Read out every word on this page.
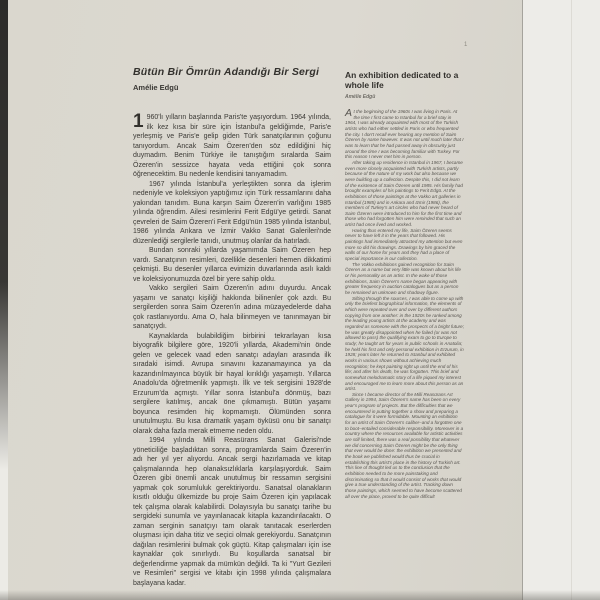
1
Bütün Bir Ömrün Adandığı Bir Sergi
Amélie Edgü

1 960'lı yılların başlarında Paris'te yaşıyordum. 1964 yılında, ilk kez kısa bir süre için İstanbul'a geldiğimde, Paris'e yerleşmiş ve Paris'e gelip giden Türk sanatçılarının çoğunu tanıyordum. Ancak Saim Özeren'den söz edildiğini hiç duymadım. Benim Türkiye ile tanıştığım sıralarda Saim Özeren'in sessizce hayata veda ettiğini çok sonra öğrenecektim. Bu nedenle kendisini tanıyamadım.

1967 yılında İstanbul'a yerleştikten sonra da işlerim nedeniyle ve koleksiyon yaptığımız için Türk ressamlarını daha yakından tanıdım. Buna karşın Saim Özeren'in varlığını 1985 yılında öğrendim. Ailesi resimlerini Ferit Edgü'ye getirdi. Sanat çevreleri de Saim Özeren'i Ferit Edgü'nün 1985 yılında İstanbul, 1986 yılında Ankara ve İzmir Vakko Sanat Galerileri'nde düzenlediği sergilerle tanıdı, unutmuş olanlar da hatırladı.

Bundan sonraki yıllarda yaşamımda Saim Özeren hep vardı. Sanatçının resimleri, özellikle desenleri hemen dikkatimi çekmişti. Bu desenler yıllarca evimizin duvarlarında asılı kaldı ve koleksiyonumuzda özel bir yere sahip oldu.

Vakko sergileri Saim Özeren'in adını duyurdu. Ancak yaşamı ve sanatçı kişiliği hakkında bilinenler çok azdı. Bu sergilerden sonra Saim Özeren'in adına müzayedelerde daha çok rastlanıyordu. Ama O, hala bilinmeyen ve tanınmayan bir sanatçıydı.

Kaynaklarda bulabildiğim birbirini tekrarlayan kısa biyografik bilgilere göre, 1920'li yıllarda, Akademi'nin önde gelen ve gelecek vaad eden sanatçı adayları arasında ilk sıradaki isimdi. Avrupa sınavını kazanamayınca ya da kazandırılmayınca büyük bir hayal kırıklığı yaşamıştı. Yıllarca Anadolu'da öğretmenlik yapmıştı. İlk ve tek sergisini 1928'de Erzurum'da açmıştı. Yıllar sonra İstanbul'a dönmüş, bazı sergilere katılmış, ancak öne çıkmamıştı. Bütün yaşamı boyunca resimden hiç kopmamıştı. Ölümünden sonra unutulmuştu. Bu kısa dramatik yaşam öyküsü onu bir sanatçı olarak daha fazla merak etmeme neden oldu.

1994 yılında Milli Reasürans Sanat Galerisi'nde yöneticiliğe başladıktan sonra, programlarda Saim Özeren'in adı her yıl yer alıyordu. Ancak sergi hazırlamada ve kitap çalışmalarında hep olanaksızlıklarla karşılaşıyorduk. Saim Özeren gibi önemli ancak unutulmuş bir ressamın sergisini yapmak çok sorumluluk gerektiriyordu. Sanatsal olanakların kısıtlı olduğu ülkemizde bu proje Saim Özeren için yapılacak tek çalışma olarak kalabilirdi. Dolayısıyla bu sanatçı tarihe bu sergideki sunumla ve yayınlanacak kitapla kazandırılacaktı. O zaman serginin sanatçıyı tam olarak tanıtacak eserlerden oluşması için daha titiz ve seçici olmak gerekiyordu. Sanatçının dağılan resimlerini bulmak çok güçtü. Kitap çalışmaları için ise kaynaklar çok sınırlıydı. Bu koşullarda sanatsal bir değerlendirme yapmak da mümkün değildi. Ta ki "Yurt Gezileri ve Resimleri" sergisi ve kitabı için 1998 yılında çalışmalara başlayana kadar.

An exhibition dedicated to a whole life
Amélie Edgü

At the beginning of the 1960s I was living in Paris. At the time I first came to Istanbul for a brief stay in 1964, I was already acquainted with most of the Turkish artists who had either settled in Paris or who frequented the city. I don't recall ever hearing any mention of Saim Özeren by name however. It was not until much later that I was to learn that he had passed away in obscurity just around the time I was becoming familiar with Turkey. For this reason I never met him in person.

After taking up residence in Istanbul in 1967, I became even more closely acquainted with Turkish artists, partly because of the nature of my work but also because we were building up a collection. Despite this, I did not learn of the existence of Saim Özeren until 1985. His family had brought examples of his paintings to Ferit Edgü. At the exhibitions of those paintings at the Vakko art galleries in Istanbul (1985) and in Ankara and Izmir (1986), the members of Turkey's art circles who had never heard of Saim Özeren were introduced to him for the first time and those who had forgotten him were reminded that such an artist had once lived and worked.

Having thus entered my life, Saim Özeren seems never to have left it in the years that followed. His paintings had immediately attracted my attention but even more so did his drawings. Drawings by him graced the walls of our home for years and they had a place of special importance in our collection.

The Vakko exhibitions gained recognition for Saim Özeren as a name but very little was known about his life or his personality as an artist. In the wake of those exhibitions, Saim Özeren's name began appearing with greater frequency in auction catalogues but as a person he remained an unknown and shadowy figure.

Sifting through the sources, I was able to come up with only the briefest biographical information, the elements of which were repeated over and over by different authors copying from one another: in the 1920s he ranked among the leading young artists at the academy and was regarded as someone with the prospects of a bright future; he was greatly disappointed when he failed (or was not allowed to pass) the qualifying exam to go to Europe to study; he taught art for years in public schools in Anatolia; he held his first and only personal exhibition in Erzurum, in 1928; years later he returned to Istanbul and exhibited works in various shows without achieving much recognition; he kept painting right up until the end of his life; and after his death, he was forgotten. This brief and somewhat melodramatic story of a life piqued my interest and encouraged me to learn more about this person as an artist.

Since I became director of the Milli Reasürans Art Gallery in 1994, Saim Özeren's name has been on every year's program of projects. But the difficulties that we encountered in putting together a show and preparing a catalogue for it were formidable. Mounting an exhibition for an artist of Saim Özeren's caliber–and a forgotten one to boot–entailed considerable responsibility. Moreover in a country where the resources available for artistic activities are still limited, there was a real possibility that whatever we did concerning Saim Özeren might be the only thing that ever would be done: the exhibition we presented and the book we published would thus be crucial in establishing this artist's place in the history of Turkish art. This line of thought led us to the conclusion that the exhibition needed to be more painstaking and discriminating so that it would consist of works that would give a true understanding of the artist. Tracking down those paintings, which seemed to have become scattered all over the place, proved to be quite difficult
